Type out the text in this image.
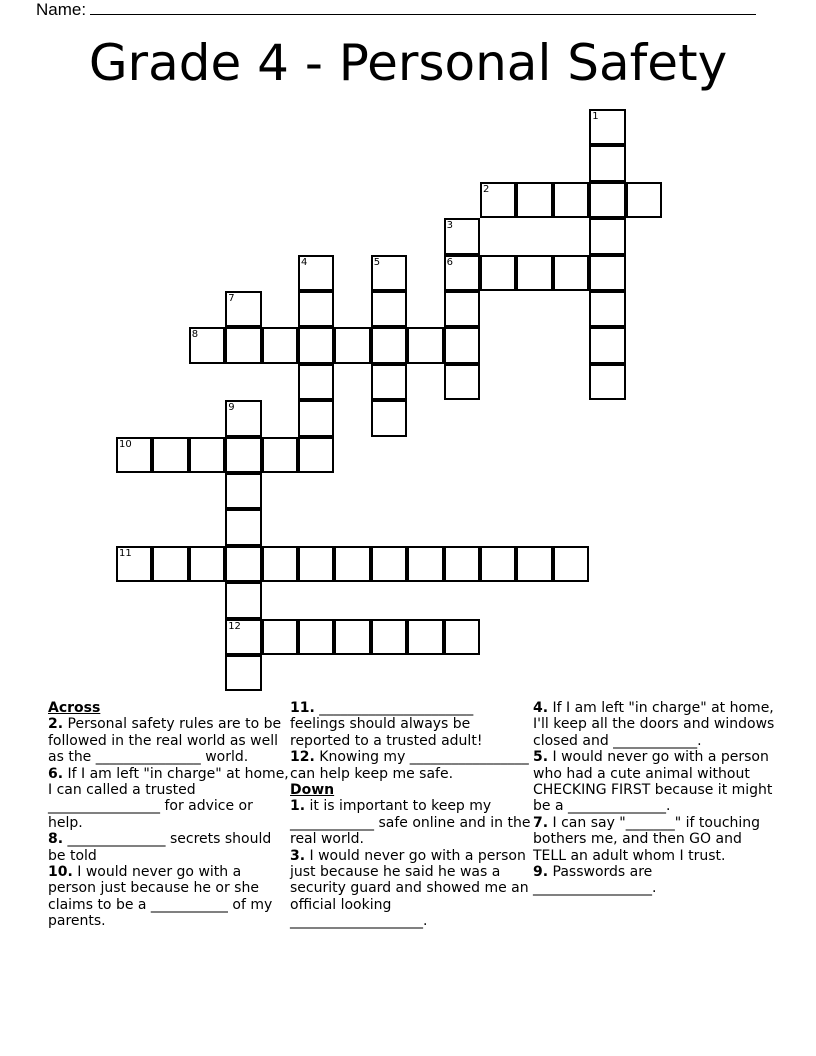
Name:
Grade 4 - Personal Safety
1
2
3
4	5	6
7
8
9
10
11
12
Across
2. Personal safety rules are to be followed in the real world as well as the _______________ world.
6. If I am left "in charge" at home, I can called a trusted ________________ for advice or help.
8. ______________ secrets should be told
10. I would never go with a person just because he or she claims to be a ___________ of my parents.
11. ______________________ feelings should always be reported to a trusted adult!
12. Knowing my _________________ can help keep me safe.
Down
1. it is important to keep my ____________ safe online and in the real world.
3. I would never go with a person just because he said he was a security guard and showed me an official looking ___________________.
4. If I am left "in charge" at home, I'll keep all the doors and windows closed and ____________.
5. I would never go with a person who had a cute animal without CHECKING FIRST because it might be a ______________.
7. I can say "_______" if touching bothers me, and then GO and TELL an adult whom I trust.
9. Passwords are _________________.
